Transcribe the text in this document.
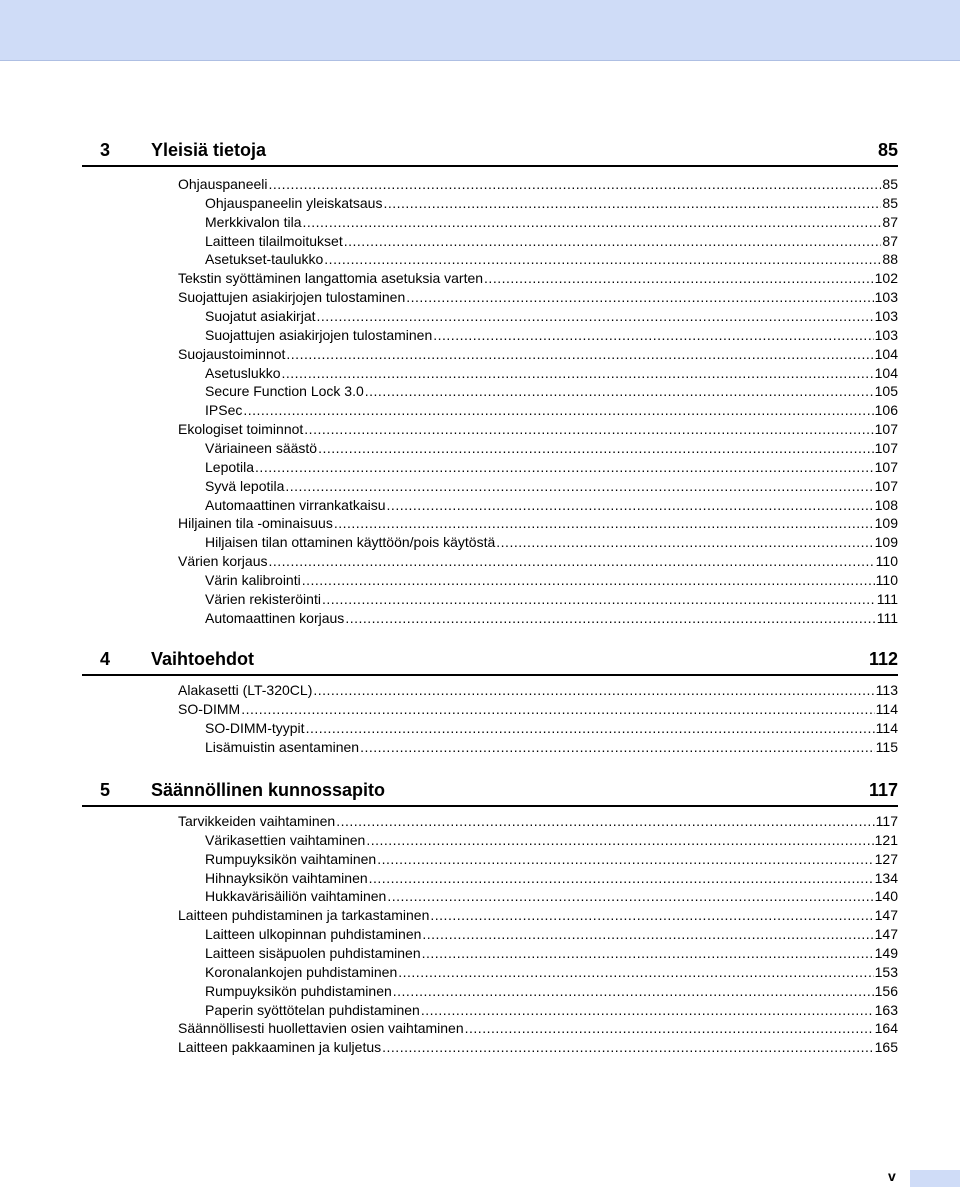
3 Yleisiä tietoja	85
Ohjauspaneeli .....	85
Ohjauspaneelin yleiskatsaus .....	85
Merkkivalon tila .....	87
Laitteen tilailmoitukset .....	87
Asetukset-taulukko .....	88
Tekstin syöttäminen langattomia asetuksia varten .....	102
Suojattujen asiakirjojen tulostaminen .....	103
Suojatut asiakirjat .....	103
Suojattujen asiakirjojen tulostaminen .....	103
Suojaustoiminnot .....	104
Asetuslukko .....	104
Secure Function Lock 3.0 .....	105
IPSec .....	106
Ekologiset toiminnot .....	107
Väriaineen säästö .....	107
Lepotila .....	107
Syvä lepotila .....	107
Automaattinen virrankatkaisu .....	108
Hiljainen tila -ominaisuus .....	109
Hiljaisen tilan ottaminen käyttöön/pois käytöstä .....	109
Värien korjaus .....	110
Värin kalibrointi .....	110
Värien rekisteröinti .....	111
Automaattinen korjaus .....	111
4 Vaihtoehdot	112
Alakasetti (LT-320CL) .....	113
SO-DIMM .....	114
SO-DIMM-tyypit .....	114
Lisämuistin asentaminen .....	115
5 Säännöllinen kunnossapito	117
Tarvikkeiden vaihtaminen .....	117
Värikasettien vaihtaminen .....	121
Rumpuyksikön vaihtaminen .....	127
Hihnayksikön vaihtaminen .....	134
Hukkavärisäiliön vaihtaminen .....	140
Laitteen puhdistaminen ja tarkastaminen .....	147
Laitteen ulkopinnan puhdistaminen .....	147
Laitteen sisäpuolen puhdistaminen .....	149
Koronalankojen puhdistaminen .....	153
Rumpuyksikön puhdistaminen .....	156
Paperin syöttötelan puhdistaminen .....	163
Säännöllisesti huollettavien osien vaihtaminen .....	164
Laitteen pakkaaminen ja kuljetus .....	165
v
